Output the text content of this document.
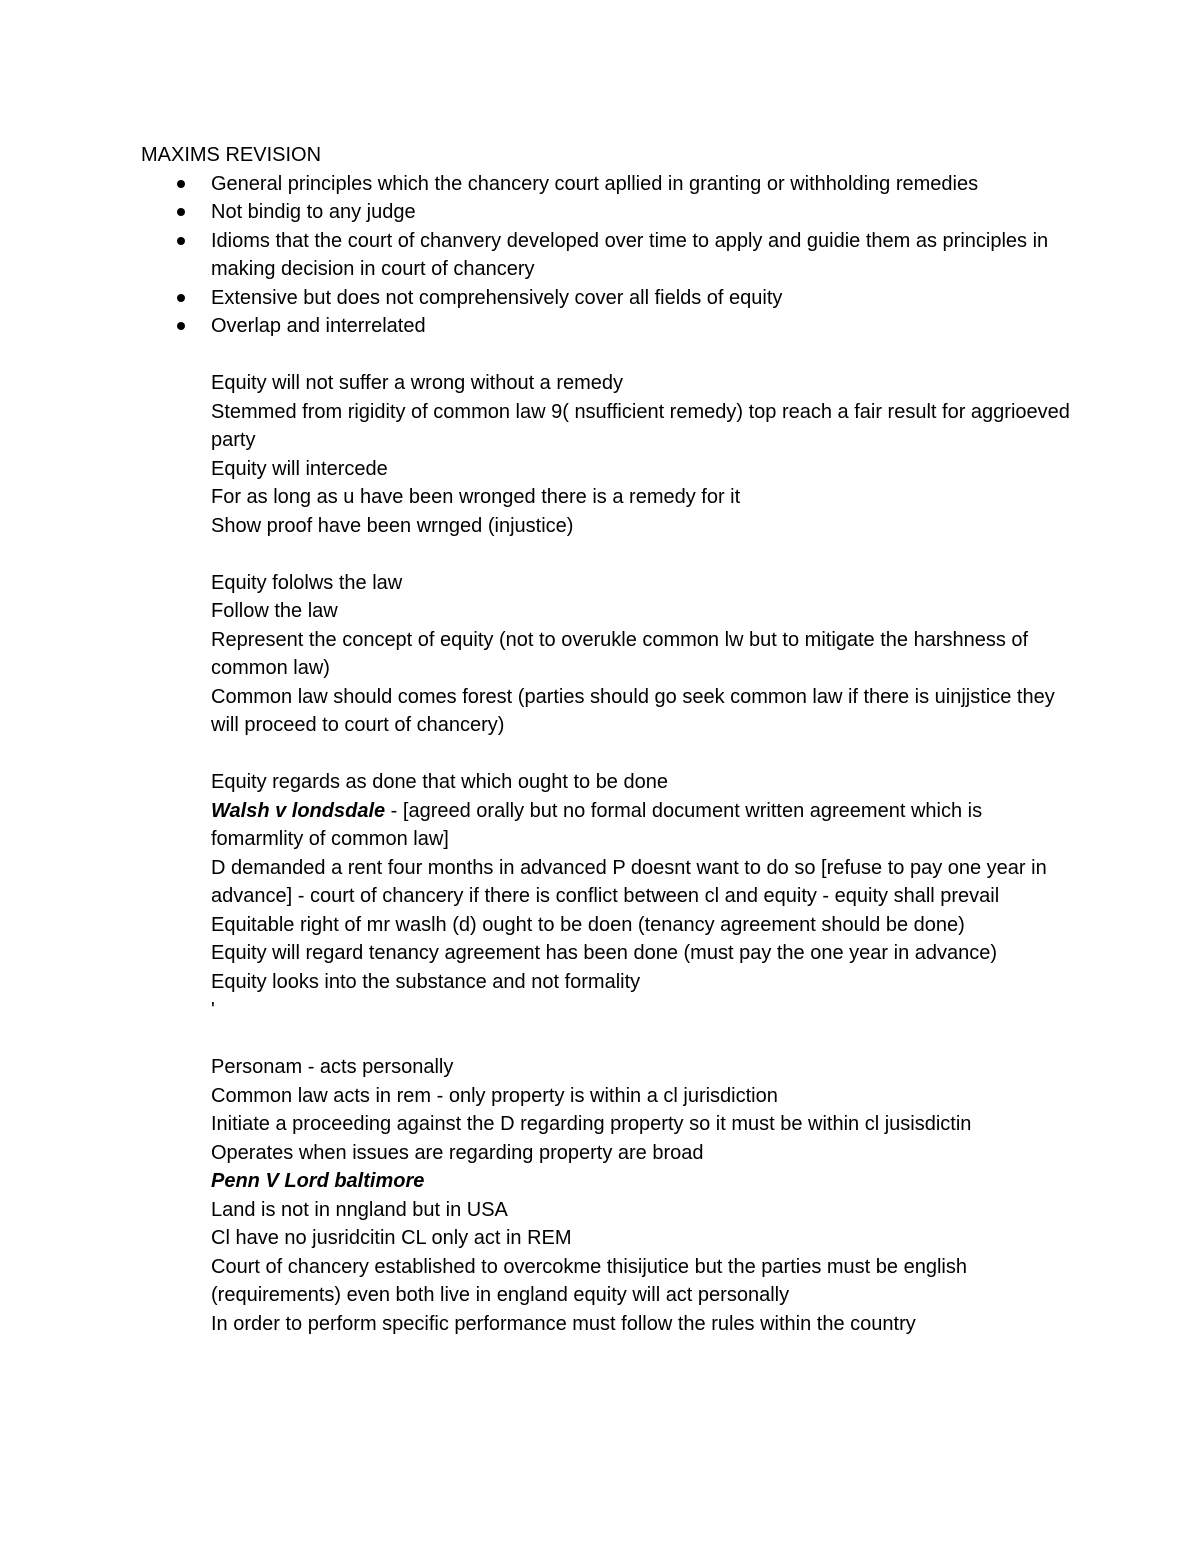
MAXIMS REVISION
General principles which the chancery court apllied in granting or withholding remedies
Not bindig to any judge
Idioms that the court of chanvery developed over time to apply and guidie them as principles in making decision in court of chancery
Extensive but does not comprehensively cover all fields of equity
Overlap and interrelated
Equity will not suffer a wrong without a remedy
Stemmed from rigidity of common law 9( nsufficient remedy) top reach a fair result for aggrioeved party
Equity will intercede
For as long as u have been wronged there is a remedy for it
Show proof have been wrnged (injustice)
Equity fololws the law
Follow the law
Represent the concept of equity (not to overukle common lw but to mitigate the harshness of common law)
Common law should comes forest (parties should go seek common law if there is uinjjstice they will proceed to court of chancery)
Equity regards as done that which ought to be done
Walsh v londsdale - [agreed orally but no formal document written agreement which is fomarmlity of common law]
D demanded a rent four months in advanced P doesnt want to do so [refuse to pay one year in advance] - court of chancery if there is conflict between cl and equity - equity shall prevail
Equitable right of mr waslh (d) ought to be doen (tenancy agreement should be done)
Equity will regard tenancy agreement has been done (must pay the one year in advance)
Equity looks into the substance and not formality
'
Personam - acts personally
Common law acts in rem - only property is within a cl jurisdiction
Initiate a proceeding against the D regarding property so it must be within cl jusisdictin
Operates when issues are regarding property are broad
Penn V Lord baltimore
Land is not in nngland but in USA
Cl have no jusridcitin CL only act in REM
Court of chancery established to overcokme thisijutice but the parties must be english (requirements) even both live in england equity will act personally
In order to perform specific performance must follow the rules within the country
